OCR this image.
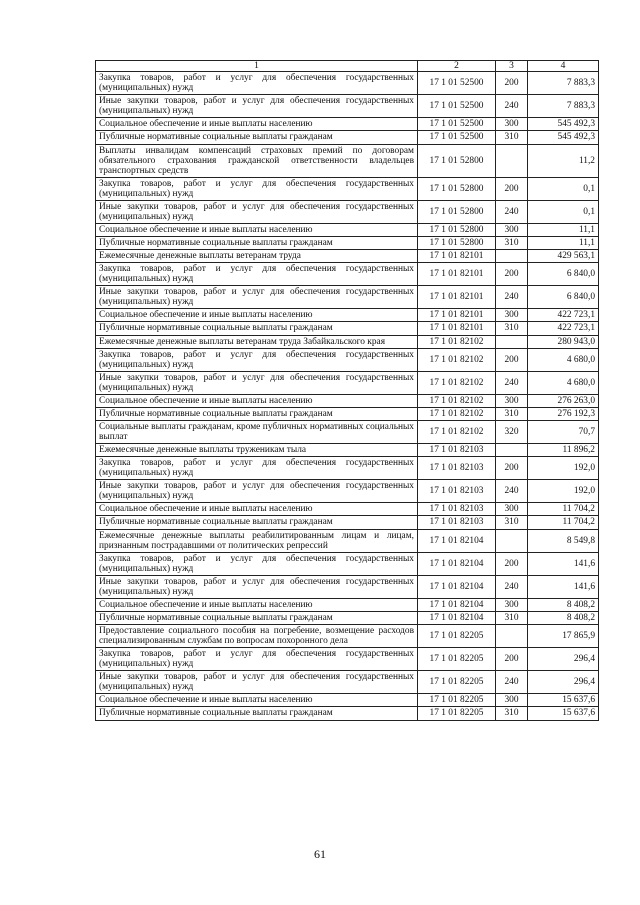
1	2	3	4
Закупка товаров, работ и услуг для обеспечения государственных (муниципальных) нужд	17 1 01 52500	200	7 883,3
Иные закупки товаров, работ и услуг для обеспечения государственных (муниципальных) нужд	17 1 01 52500	240	7 883,3
Социальное обеспечение и иные выплаты населению	17 1 01 52500	300	545 492,3
Публичные нормативные социальные выплаты гражданам	17 1 01 52500	310	545 492,3
Выплаты инвалидам компенсаций страховых премий по договорам обязательного страхования гражданской ответственности владельцев транспортных средств	17 1 01 52800		11,2
Закупка товаров, работ и услуг для обеспечения государственных (муниципальных) нужд	17 1 01 52800	200	0,1
Иные закупки товаров, работ и услуг для обеспечения государственных (муниципальных) нужд	17 1 01 52800	240	0,1
Социальное обеспечение и иные выплаты населению	17 1 01 52800	300	11,1
Публичные нормативные социальные выплаты гражданам	17 1 01 52800	310	11,1
Ежемесячные денежные выплаты ветеранам труда	17 1 01 82101		429 563,1
Закупка товаров, работ и услуг для обеспечения государственных (муниципальных) нужд	17 1 01 82101	200	6 840,0
Иные закупки товаров, работ и услуг для обеспечения государственных (муниципальных) нужд	17 1 01 82101	240	6 840,0
Социальное обеспечение и иные выплаты населению	17 1 01 82101	300	422 723,1
Публичные нормативные социальные выплаты гражданам	17 1 01 82101	310	422 723,1
Ежемесячные денежные выплаты ветеранам труда Забайкальского края	17 1 01 82102		280 943,0
Закупка товаров, работ и услуг для обеспечения государственных (муниципальных) нужд	17 1 01 82102	200	4 680,0
Иные закупки товаров, работ и услуг для обеспечения государственных (муниципальных) нужд	17 1 01 82102	240	4 680,0
Социальное обеспечение и иные выплаты населению	17 1 01 82102	300	276 263,0
Публичные нормативные социальные выплаты гражданам	17 1 01 82102	310	276 192,3
Социальные выплаты гражданам, кроме публичных нормативных социальных выплат	17 1 01 82102	320	70,7
Ежемесячные денежные выплаты труженикам тыла	17 1 01 82103		11 896,2
Закупка товаров, работ и услуг для обеспечения государственных (муниципальных) нужд	17 1 01 82103	200	192,0
Иные закупки товаров, работ и услуг для обеспечения государственных (муниципальных) нужд	17 1 01 82103	240	192,0
Социальное обеспечение и иные выплаты населению	17 1 01 82103	300	11 704,2
Публичные нормативные социальные выплаты гражданам	17 1 01 82103	310	11 704,2
Ежемесячные денежные выплаты реабилитированным лицам и лицам, признанным пострадавшими от политических репрессий	17 1 01 82104		8 549,8
Закупка товаров, работ и услуг для обеспечения государственных (муниципальных) нужд	17 1 01 82104	200	141,6
Иные закупки товаров, работ и услуг для обеспечения государственных (муниципальных) нужд	17 1 01 82104	240	141,6
Социальное обеспечение и иные выплаты населению	17 1 01 82104	300	8 408,2
Публичные нормативные социальные выплаты гражданам	17 1 01 82104	310	8 408,2
Предоставление социального пособия на погребение, возмещение расходов специализированным службам по вопросам похоронного дела	17 1 01 82205		17 865,9
Закупка товаров, работ и услуг для обеспечения государственных (муниципальных) нужд	17 1 01 82205	200	296,4
Иные закупки товаров, работ и услуг для обеспечения государственных (муниципальных) нужд	17 1 01 82205	240	296,4
Социальное обеспечение и иные выплаты населению	17 1 01 82205	300	15 637,6
Публичные нормативные социальные выплаты гражданам	17 1 01 82205	310	15 637,6
61
